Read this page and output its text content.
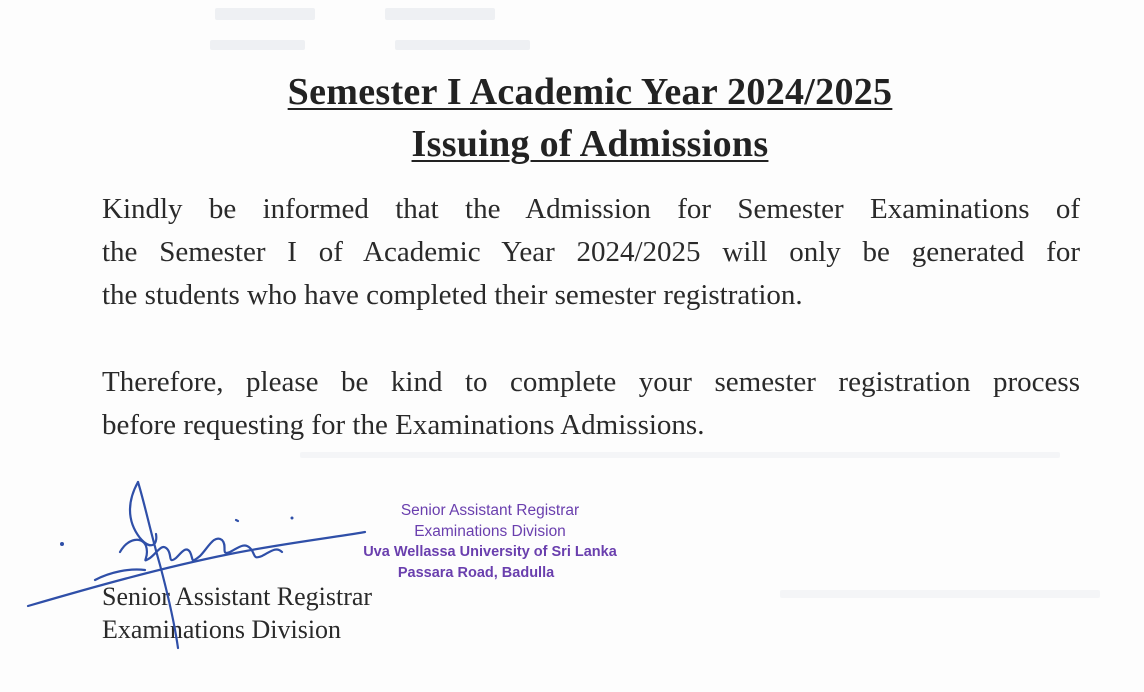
Semester I Academic Year 2024/2025
Issuing of Admissions

Kindly be informed that the Admission for Semester Examinations of
the Semester I of Academic Year 2024/2025 will only be generated for
the students who have completed their semester registration.

Therefore, please be kind to complete your semester registration process
before requesting for the Examinations Admissions.

Senior Assistant Registrar
Examinations Division
Uva Wellassa University of Sri Lanka
Passara Road, Badulla
Senior Assistant Registrar
Examinations Division
